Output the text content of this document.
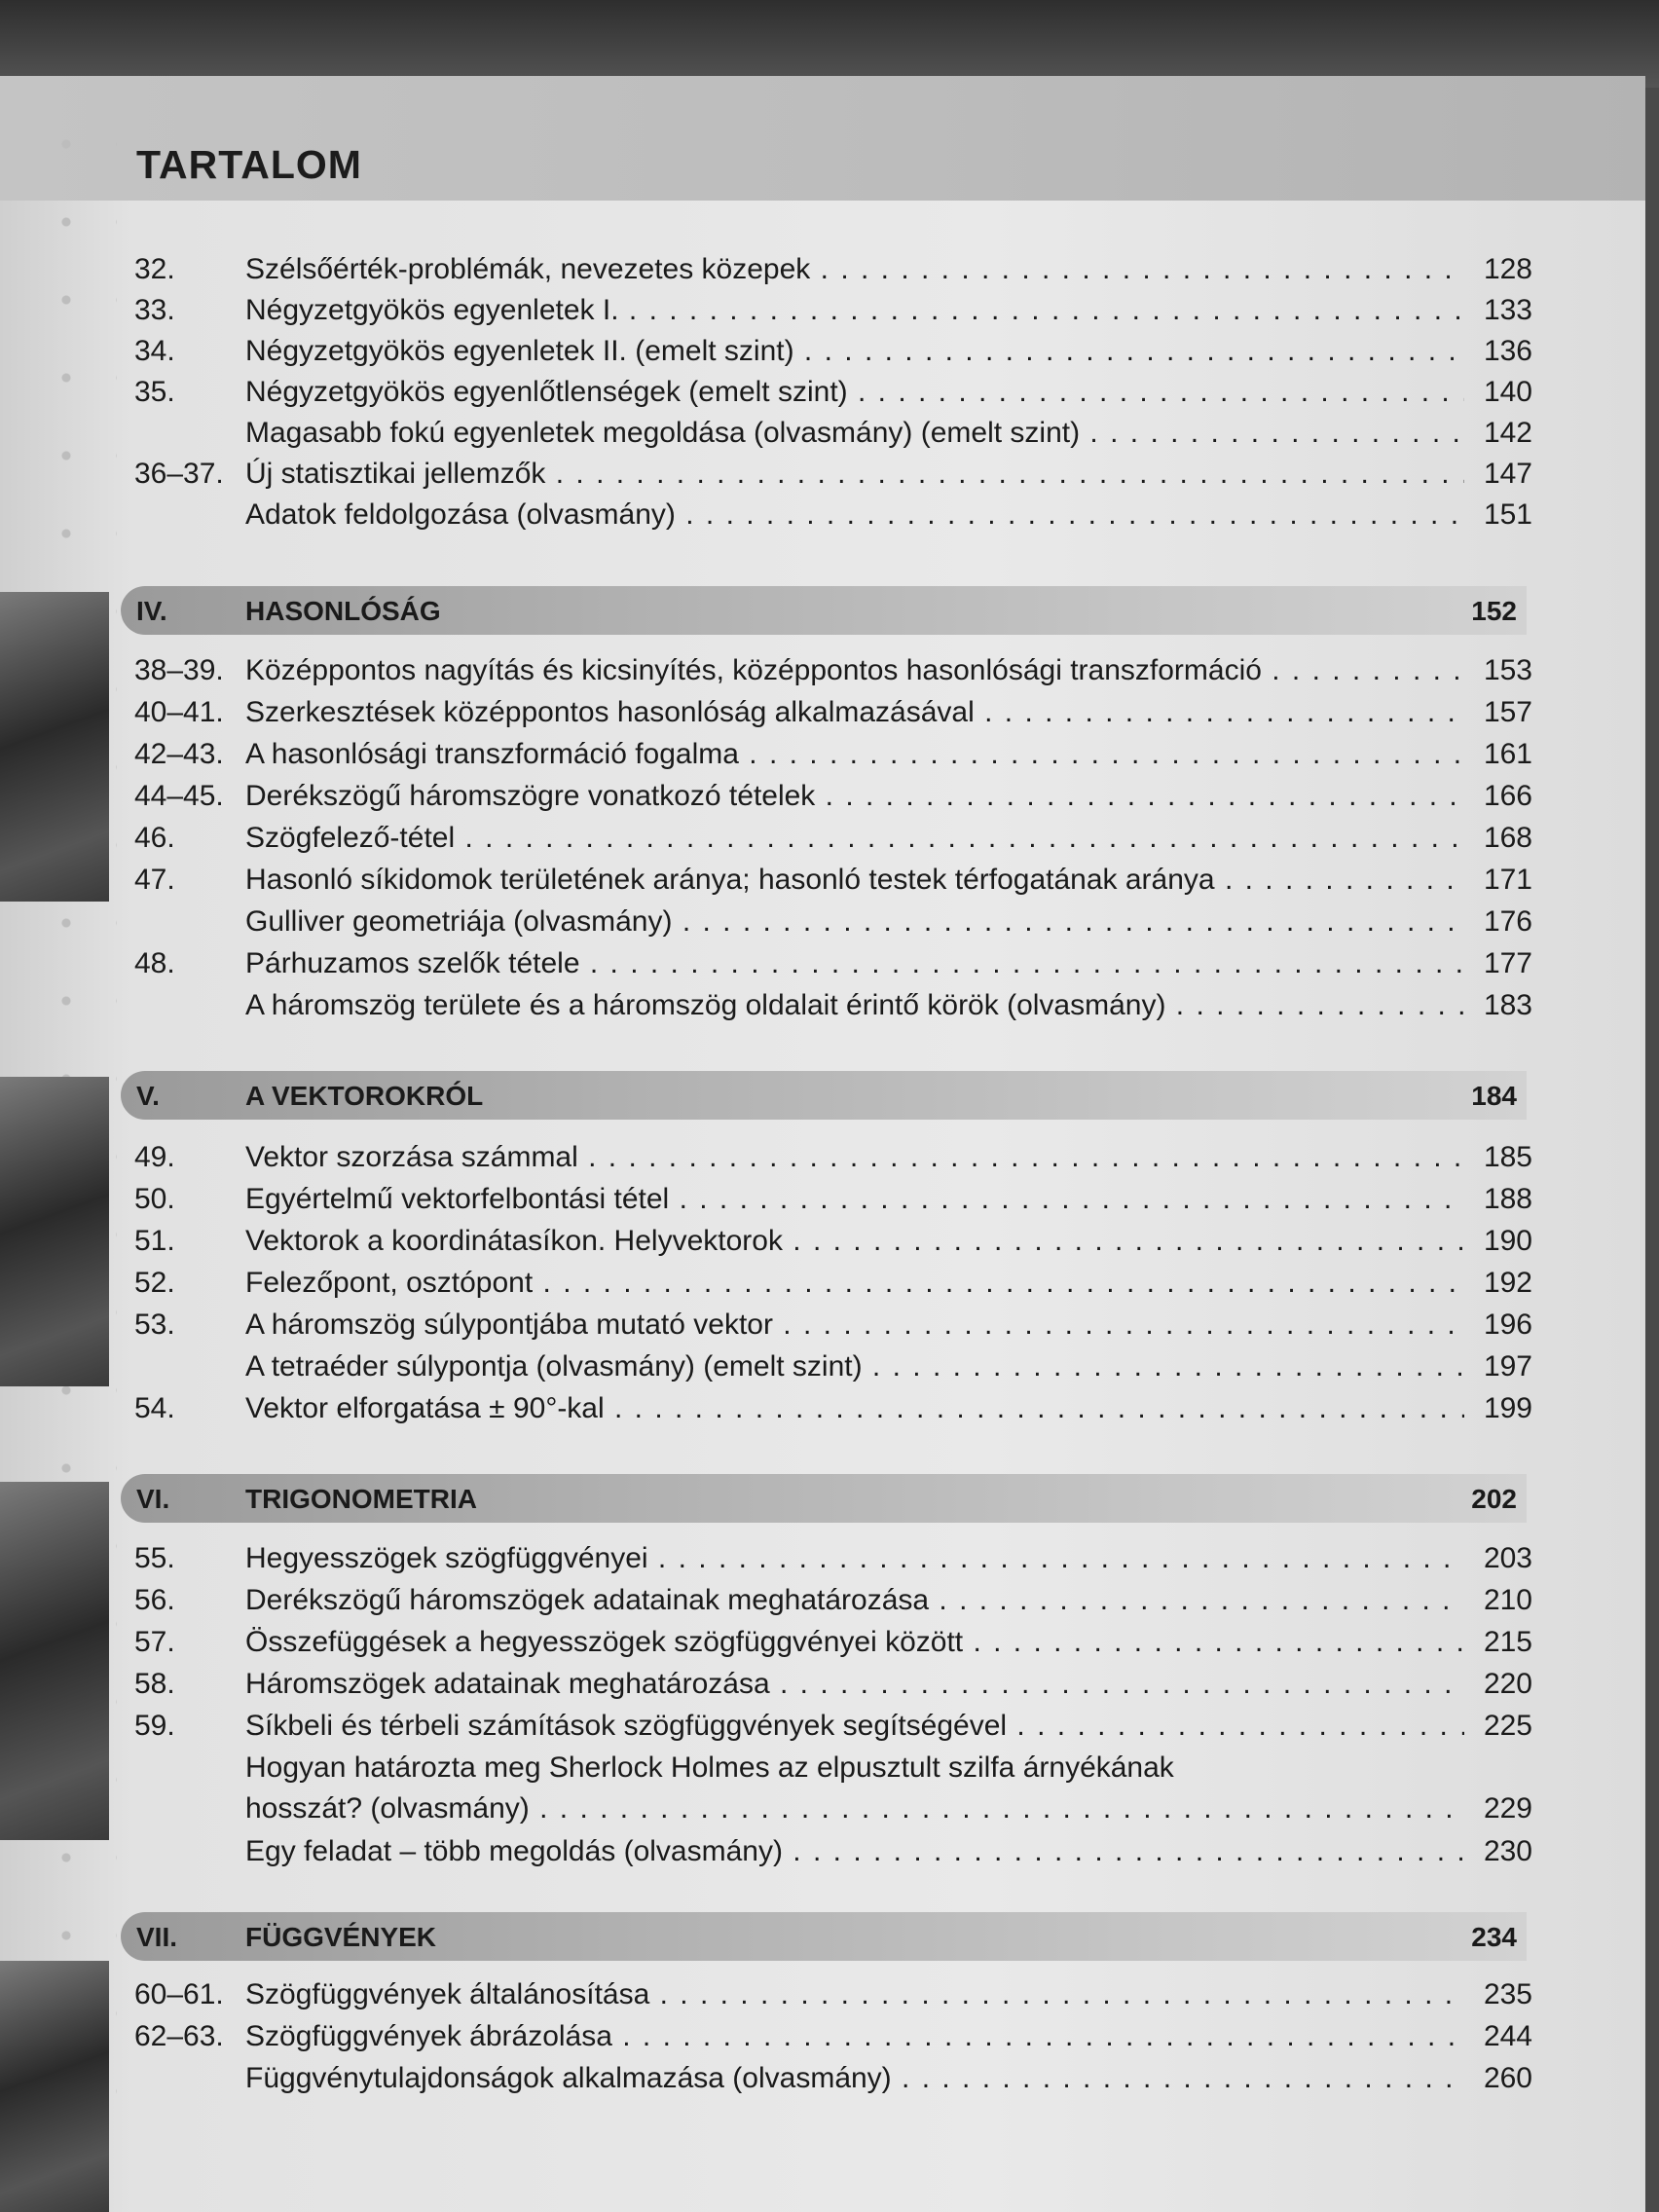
TARTALOM
32.	Szélsőérték-problémák, nevezetes közepek . . .	128
33.	Négyzetgyökös egyenletek I. . . .	133
34.	Négyzetgyökös egyenletek II. (emelt szint) . . .	136
35.	Négyzetgyökös egyenlőtlenségek (emelt szint) . . .	140
Magasabb fokú egyenletek megoldása (olvasmány) (emelt szint) . . .	142
36–37. Új statisztikai jellemzők . . .	147
Adatok feldolgozása (olvasmány) . . .	151
IV.	HASONLÓSÁG	152
38–39. Középpontos nagyítás és kicsinyítés, középpontos hasonlósági transzformáció . . .	153
40–41. Szerkesztések középpontos hasonlóság alkalmazásával . . .	157
42–43. A hasonlósági transzformáció fogalma . . .	161
44–45. Derékszögű háromszögre vonatkozó tételek . . .	166
46.	Szögfelező-tétel . . .	168
47.	Hasonló síkidomok területének aránya; hasonló testek térfogatának aránya . . .	171
Gulliver geometriája (olvasmány) . . .	176
48.	Párhuzamos szelők tétele . . .	177
A háromszög területe és a háromszög oldalait érintő körök (olvasmány) . . .	183
V.	A VEKTOROKRÓL	184
49.	Vektor szorzása számmal . . .	185
50.	Egyértelmű vektorfelbontási tétel . . .	188
51.	Vektorok a koordinátasíkon. Helyvektorok . . .	190
52.	Felezőpont, osztópont . . .	192
53.	A háromszög súlypontjába mutató vektor . . .	196
A tetraéder súlypontja (olvasmány) (emelt szint) . . .	197
54.	Vektor elforgatása ± 90°-kal . . .	199
VI.	TRIGONOMETRIA	202
55.	Hegyesszögek szögfüggvényei . . .	203
56.	Derékszögű háromszögek adatainak meghatározása . . .	210
57.	Összefüggések a hegyesszögek szögfüggvényei között . . .	215
58.	Háromszögek adatainak meghatározása . . .	220
59.	Síkbeli és térbeli számítások szögfüggvények segítségével . . .	225
Hogyan határozta meg Sherlock Holmes az elpusztult szilfa árnyékának
hosszát? (olvasmány) . . .	229
Egy feladat – több megoldás (olvasmány) . . .	230
VII. FÜGGVÉNYEK	234
60–61. Szögfüggvények általánosítása . . .	235
62–63. Szögfüggvények ábrázolása . . .	244
Függvénytulajdonságok alkalmazása (olvasmány) . . .	260
